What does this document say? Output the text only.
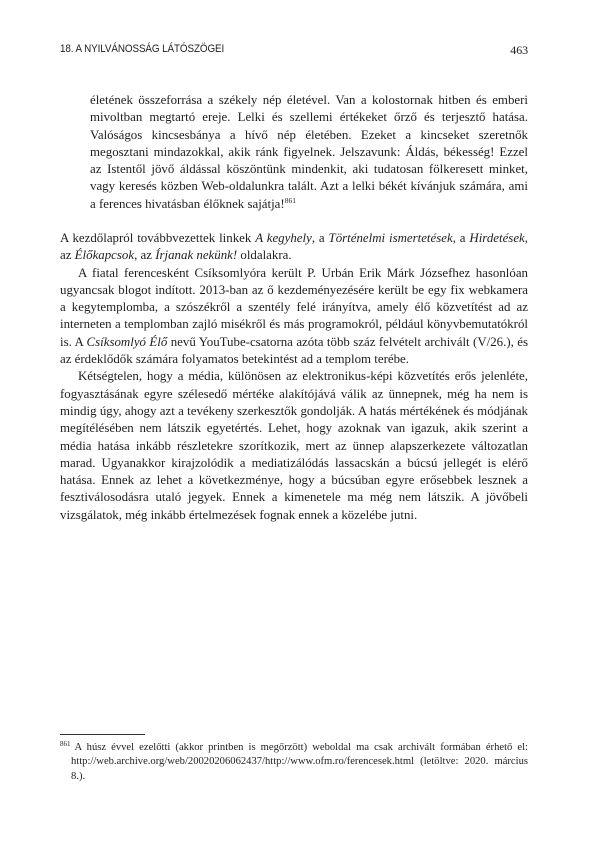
18. A NYILVÁNOSSÁG LÁTÓSZÖGEI	463

életének összeforrása a székely nép életével. Van a kolostornak hitben és emberi mivoltban megtartó ereje. Lelki és szellemi értékeket őrző és terjesztő hatása. Valóságos kincsesbánya a hívő nép életében. Ezeket a kincseket szeretnők megosztani mindazokkal, akik ránk figyelnek. Jelszavunk: Áldás, békesség! Ezzel az Istentől jövő áldással köszöntünk mindenkit, aki tudatosan fölkeresett minket, vagy keresés közben Web-oldalunkra talált. Azt a lelki békét kívánjuk számára, ami a ferences hivatásban élőknek sajátja!$^{861}$

A kezdőlapról továbbvezettek linkek A kegyhely, a Történelmi ismertetések, a Hirdetések, az Élőkapcsok, az Írjanak nekünk! oldalakra.

A fiatal ferencesként Csíksomlyóra került P. Urbán Erik Márk Józsefhez hasonlóan ugyancsak blogot indított. 2013-ban az ő kezdeményezésére került be egy fix webkamera a kegytemplomba, a szószékről a szentély felé irányítva, amely élő közvetítést ad az interneten a templomban zajló misékről és más programokról, például könyvbemutatókról is. A Csíksomlyó Élő nevű YouTube-csatorna azóta több száz felvételt archivált (V/26.), és az érdeklődők számára folyamatos betekintést ad a templom terébe.

Kétségtelen, hogy a média, különösen az elektronikus-képi közvetítés erős jelenléte, fogyasztásának egyre szélesedő mértéke alakítójává válik az ünnepnek, még ha nem is mindig úgy, ahogy azt a tevékeny szerkesztők gondolják. A hatás mértékének és módjának megítélésében nem látszik egyetértés. Lehet, hogy azoknak van igazuk, akik szerint a média hatása inkább részletekre szorítkozik, mert az ünnep alapszerkezete változatlan marad. Ugyanakkor kirajzolódik a mediatizálódás lassacskán a búcsú jellegét is elérő hatása. Ennek az lehet a következménye, hogy a búcsúban egyre erősebbek lesznek a fesztiválosodásra utaló jegyek. Ennek a kimenetele ma még nem látszik. A jövőbeli vizsgálatok, még inkább értelmezések fognak ennek a közelébe jutni.

$^{861}$ A húsz évvel ezelőtti (akkor printben is megőrzött) weboldal ma csak archivált formában érhető el: http://web.archive.org/web/20020206062437/http://www.ofm.ro/ferencesek.html (letöltve: 2020. március 8.).
